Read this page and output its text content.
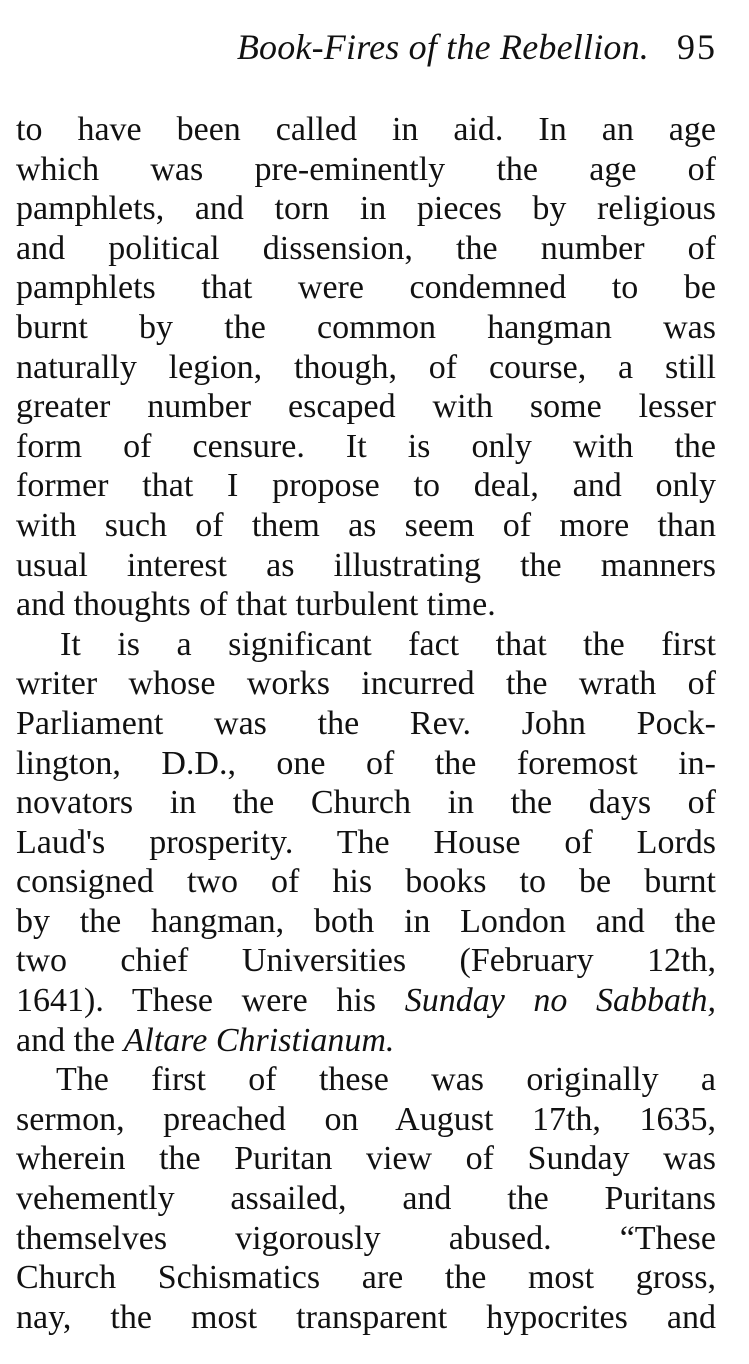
Book-Fires of the Rebellion. 95
to have been called in aid. In an age
which was pre-eminently the age of
pamphlets, and torn in pieces by religious
and political dissension, the number of
pamphlets that were condemned to be
burnt by the common hangman was
naturally legion, though, of course, a still
greater number escaped with some lesser
form of censure. It is only with the
former that I propose to deal, and only
with such of them as seem of more than
usual interest as illustrating the manners
and thoughts of that turbulent time.
It is a significant fact that the first
writer whose works incurred the wrath of
Parliament was the Rev. John Pock-
lington, D.D., one of the foremost in-
novators in the Church in the days of
Laud's prosperity. The House of Lords
consigned two of his books to be burnt
by the hangman, both in London and the
two chief Universities (February 12th,
1641). These were his Sunday no Sabbath,
and the Altare Christianum.
The first of these was originally a
sermon, preached on August 17th, 1635,
wherein the Puritan view of Sunday was
vehemently assailed, and the Puritans
themselves vigorously abused. “These
Church Schismatics are the most gross,
nay, the most transparent hypocrites and
